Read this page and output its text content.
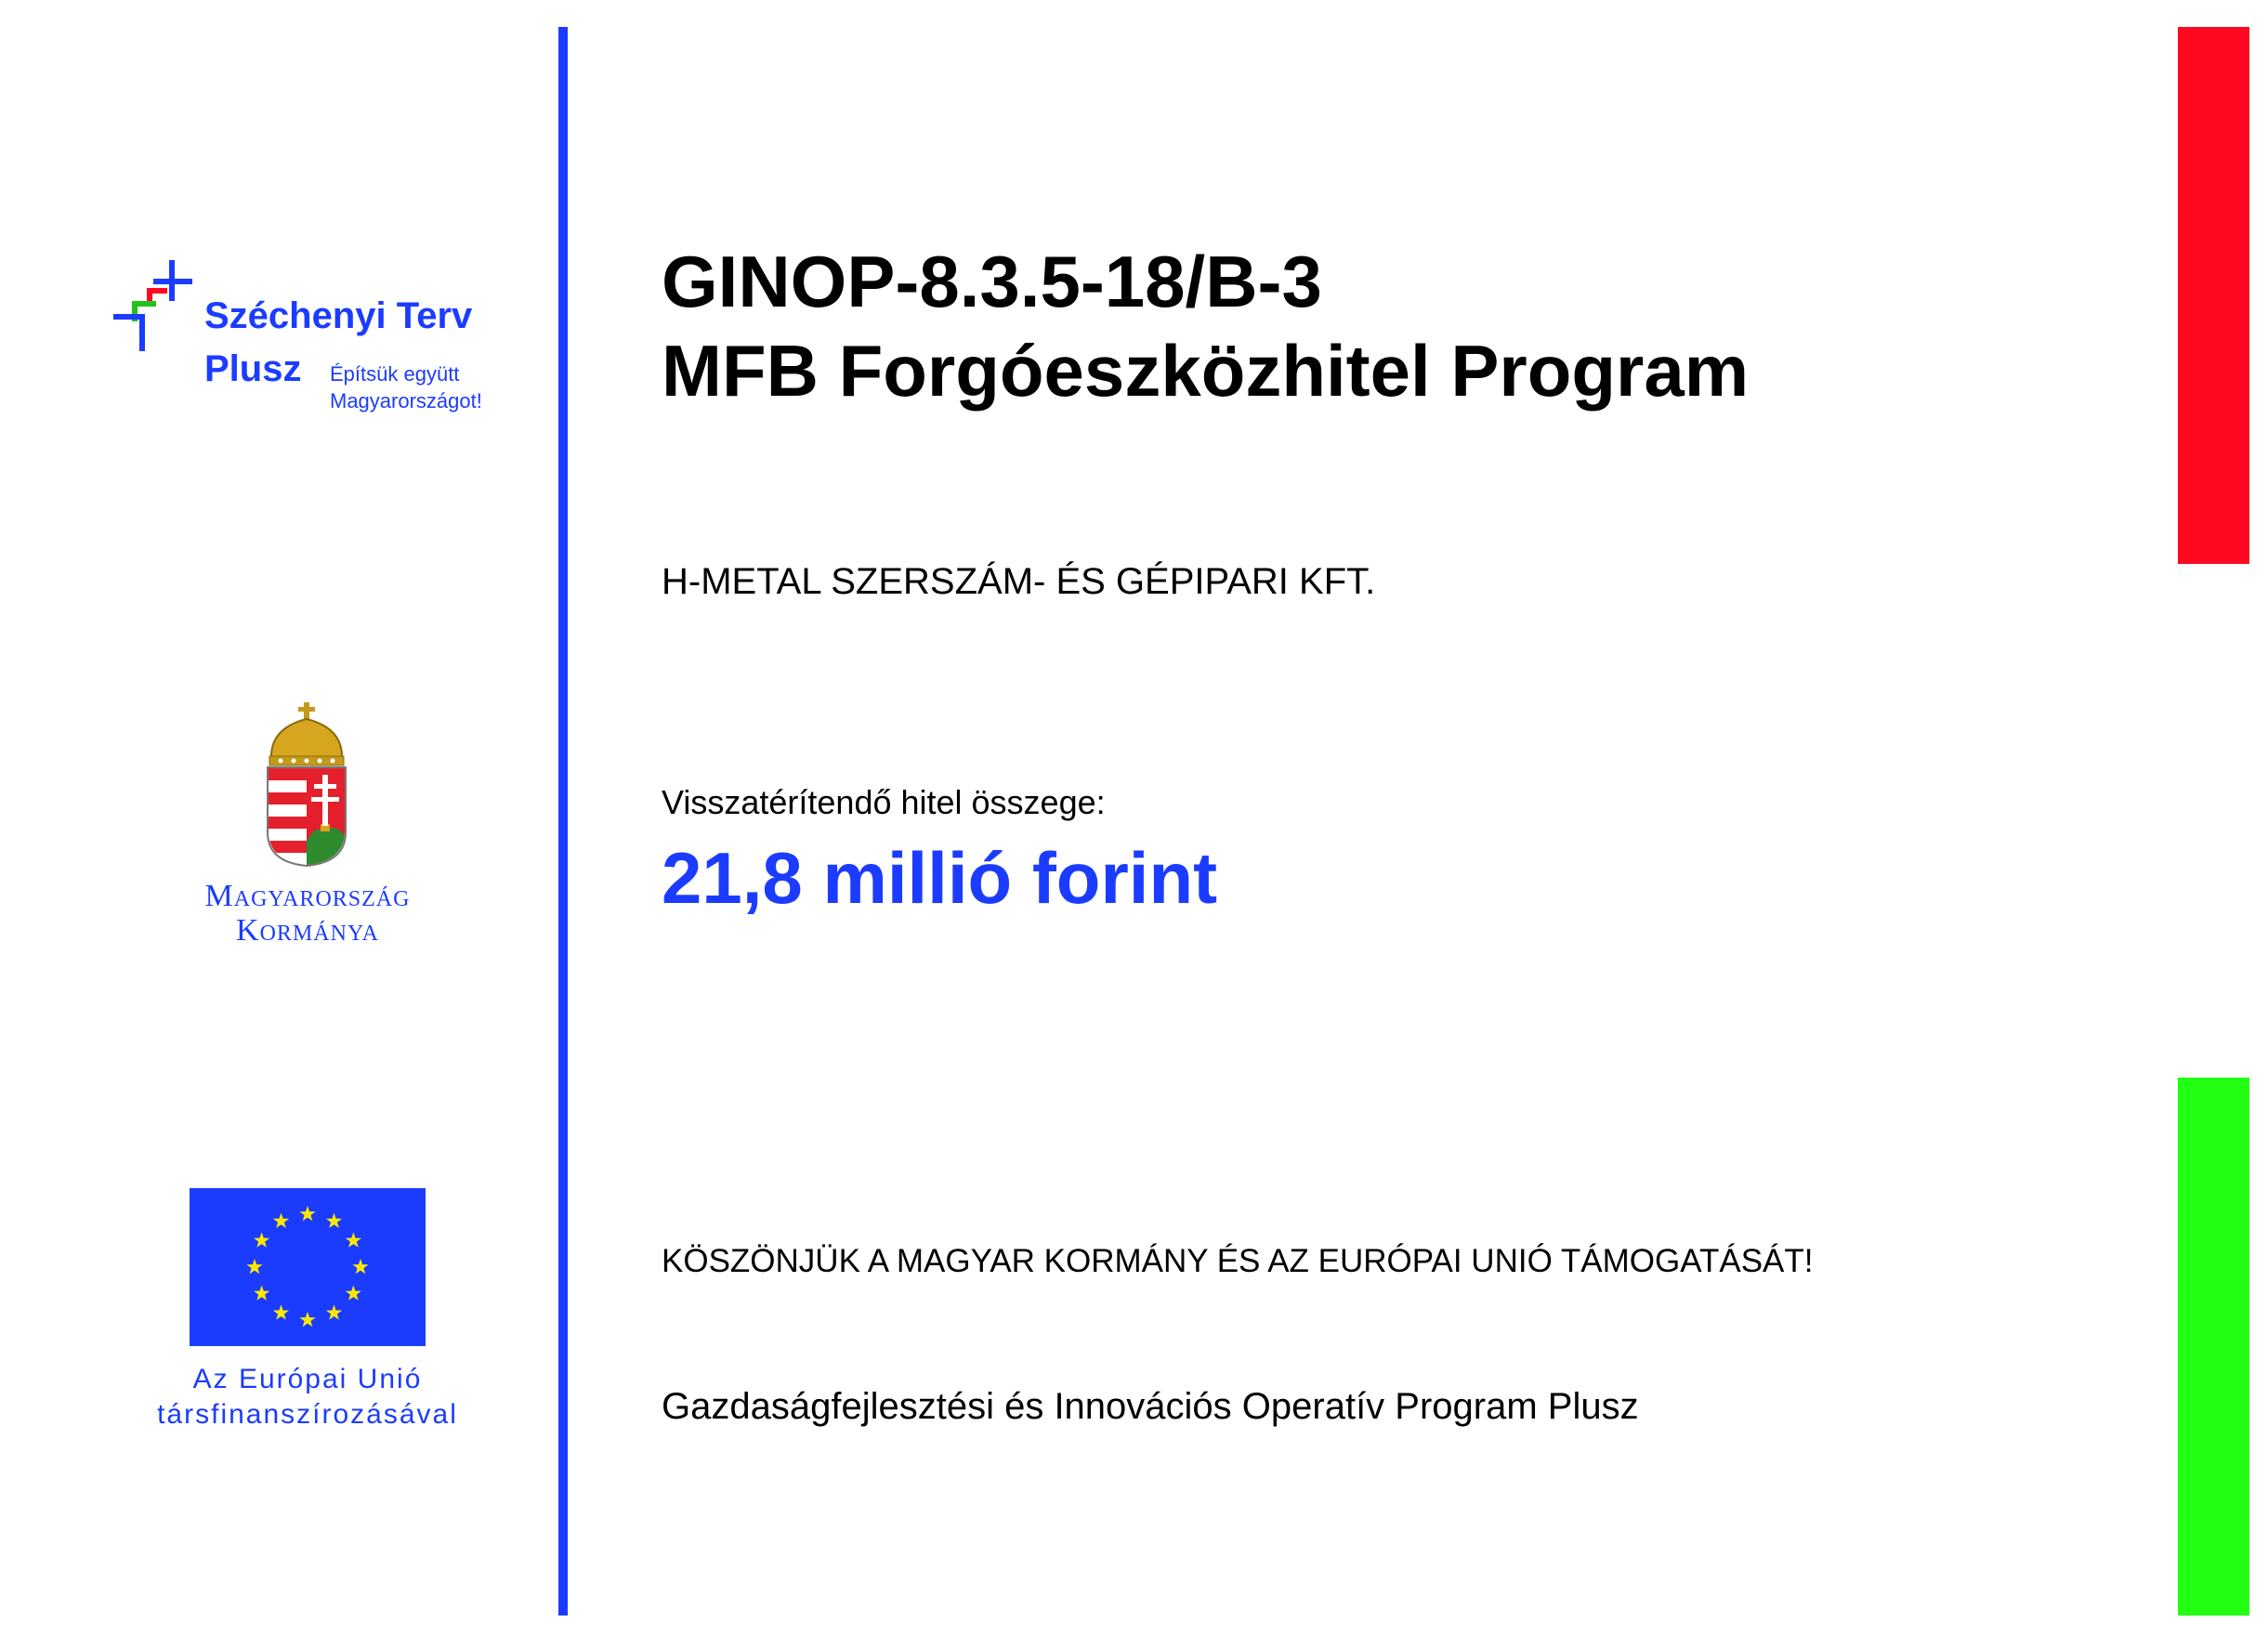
Széchenyi Terv
Plusz Építsük együtt
Magyarországot!
Magyarország
Kormánya
Az Európai Unió
társfinanszírozásával
GINOP-8.3.5-18/B-3
MFB Forgóeszközhitel Program
H-METAL SZERSZÁM- ÉS GÉPIPARI KFT.
Visszatérítendő hitel összege:
21,8 millió forint
KÖSZÖNJÜK A MAGYAR KORMÁNY ÉS AZ EURÓPAI UNIÓ TÁMOGATÁSÁT!
Gazdaságfejlesztési és Innovációs Operatív Program Plusz
